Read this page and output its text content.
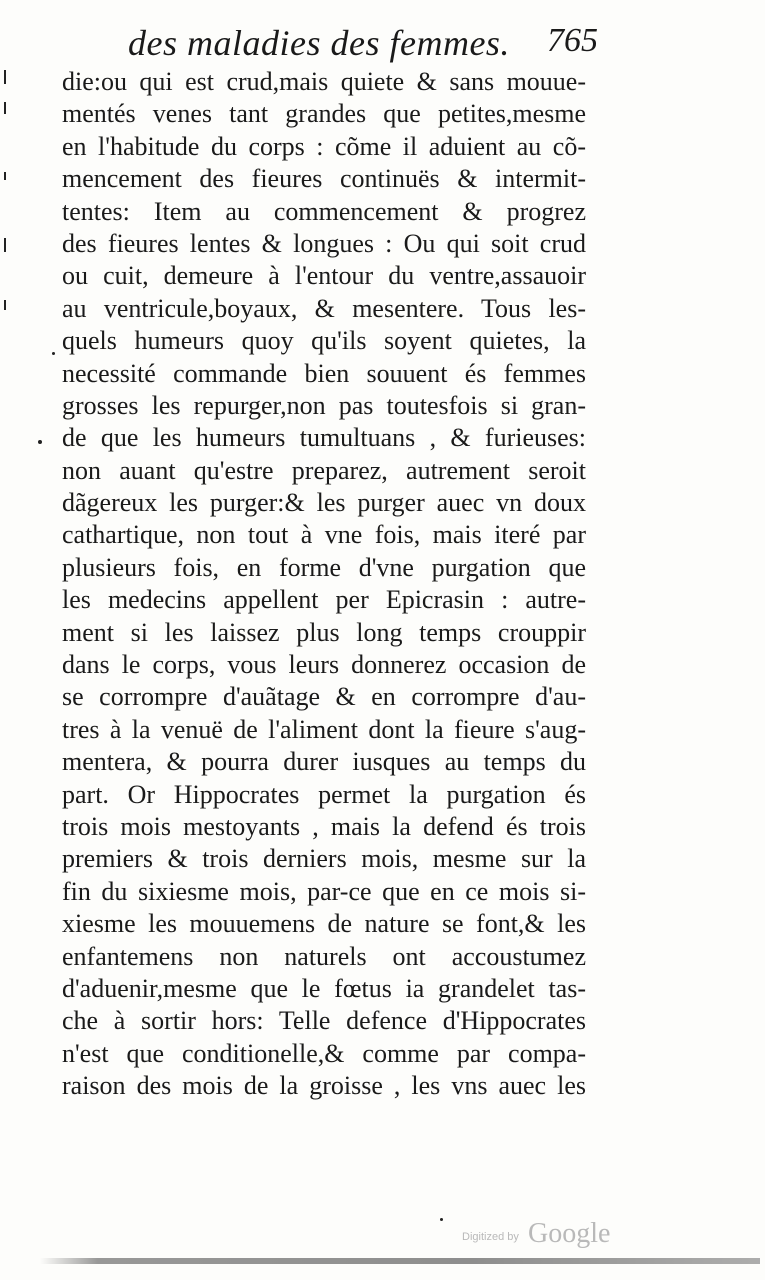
des maladies des femmes. 765
die:ou qui est crud,mais quiete & sans mouue-
mentés venes tant grandes que petites,mesme
en l'habitude du corps : cõme il aduient au cõ-
mencement des fieures continuës & intermit-
tentes: Item au commencement & progrez
des fieures lentes & longues : Ou qui soit crud
ou cuit, demeure à l'entour du ventre,assauoir
au ventricule,boyaux, & mesentere. Tous les-
quels humeurs quoy qu'ils soyent quietes, la
necessité commande bien souuent és femmes
grosses les repurger,non pas toutesfois si gran-
de que les humeurs tumultuans , & furieuses:
non auant qu'estre preparez, autrement seroit
dãgereux les purger:& les purger auec vn doux
cathartique, non tout à vne fois, mais iteré par
plusieurs fois, en forme d'vne purgation que
les medecins appellent per Epicrasin : autre-
ment si les laissez plus long temps crouppir
dans le corps, vous leurs donnerez occasion de
se corrompre d'auãtage & en corrompre d'au-
tres à la venuë de l'aliment dont la fieure s'aug-
mentera, & pourra durer iusques au temps du
part. Or Hippocrates permet la purgation és
trois mois mestoyants , mais la defend és trois
premiers & trois derniers mois, mesme sur la
fin du sixiesme mois, par-ce que en ce mois si-
xiesme les mouuemens de nature se font,& les
enfantemens non naturels ont accoustumez
d'aduenir,mesme que le fœtus ia grandelet tas-
che à sortir hors: Telle defence d'Hippocrates
n'est que conditionelle,& comme par compa-
raison des mois de la groisse , les vns auec les
Digitized by Google
